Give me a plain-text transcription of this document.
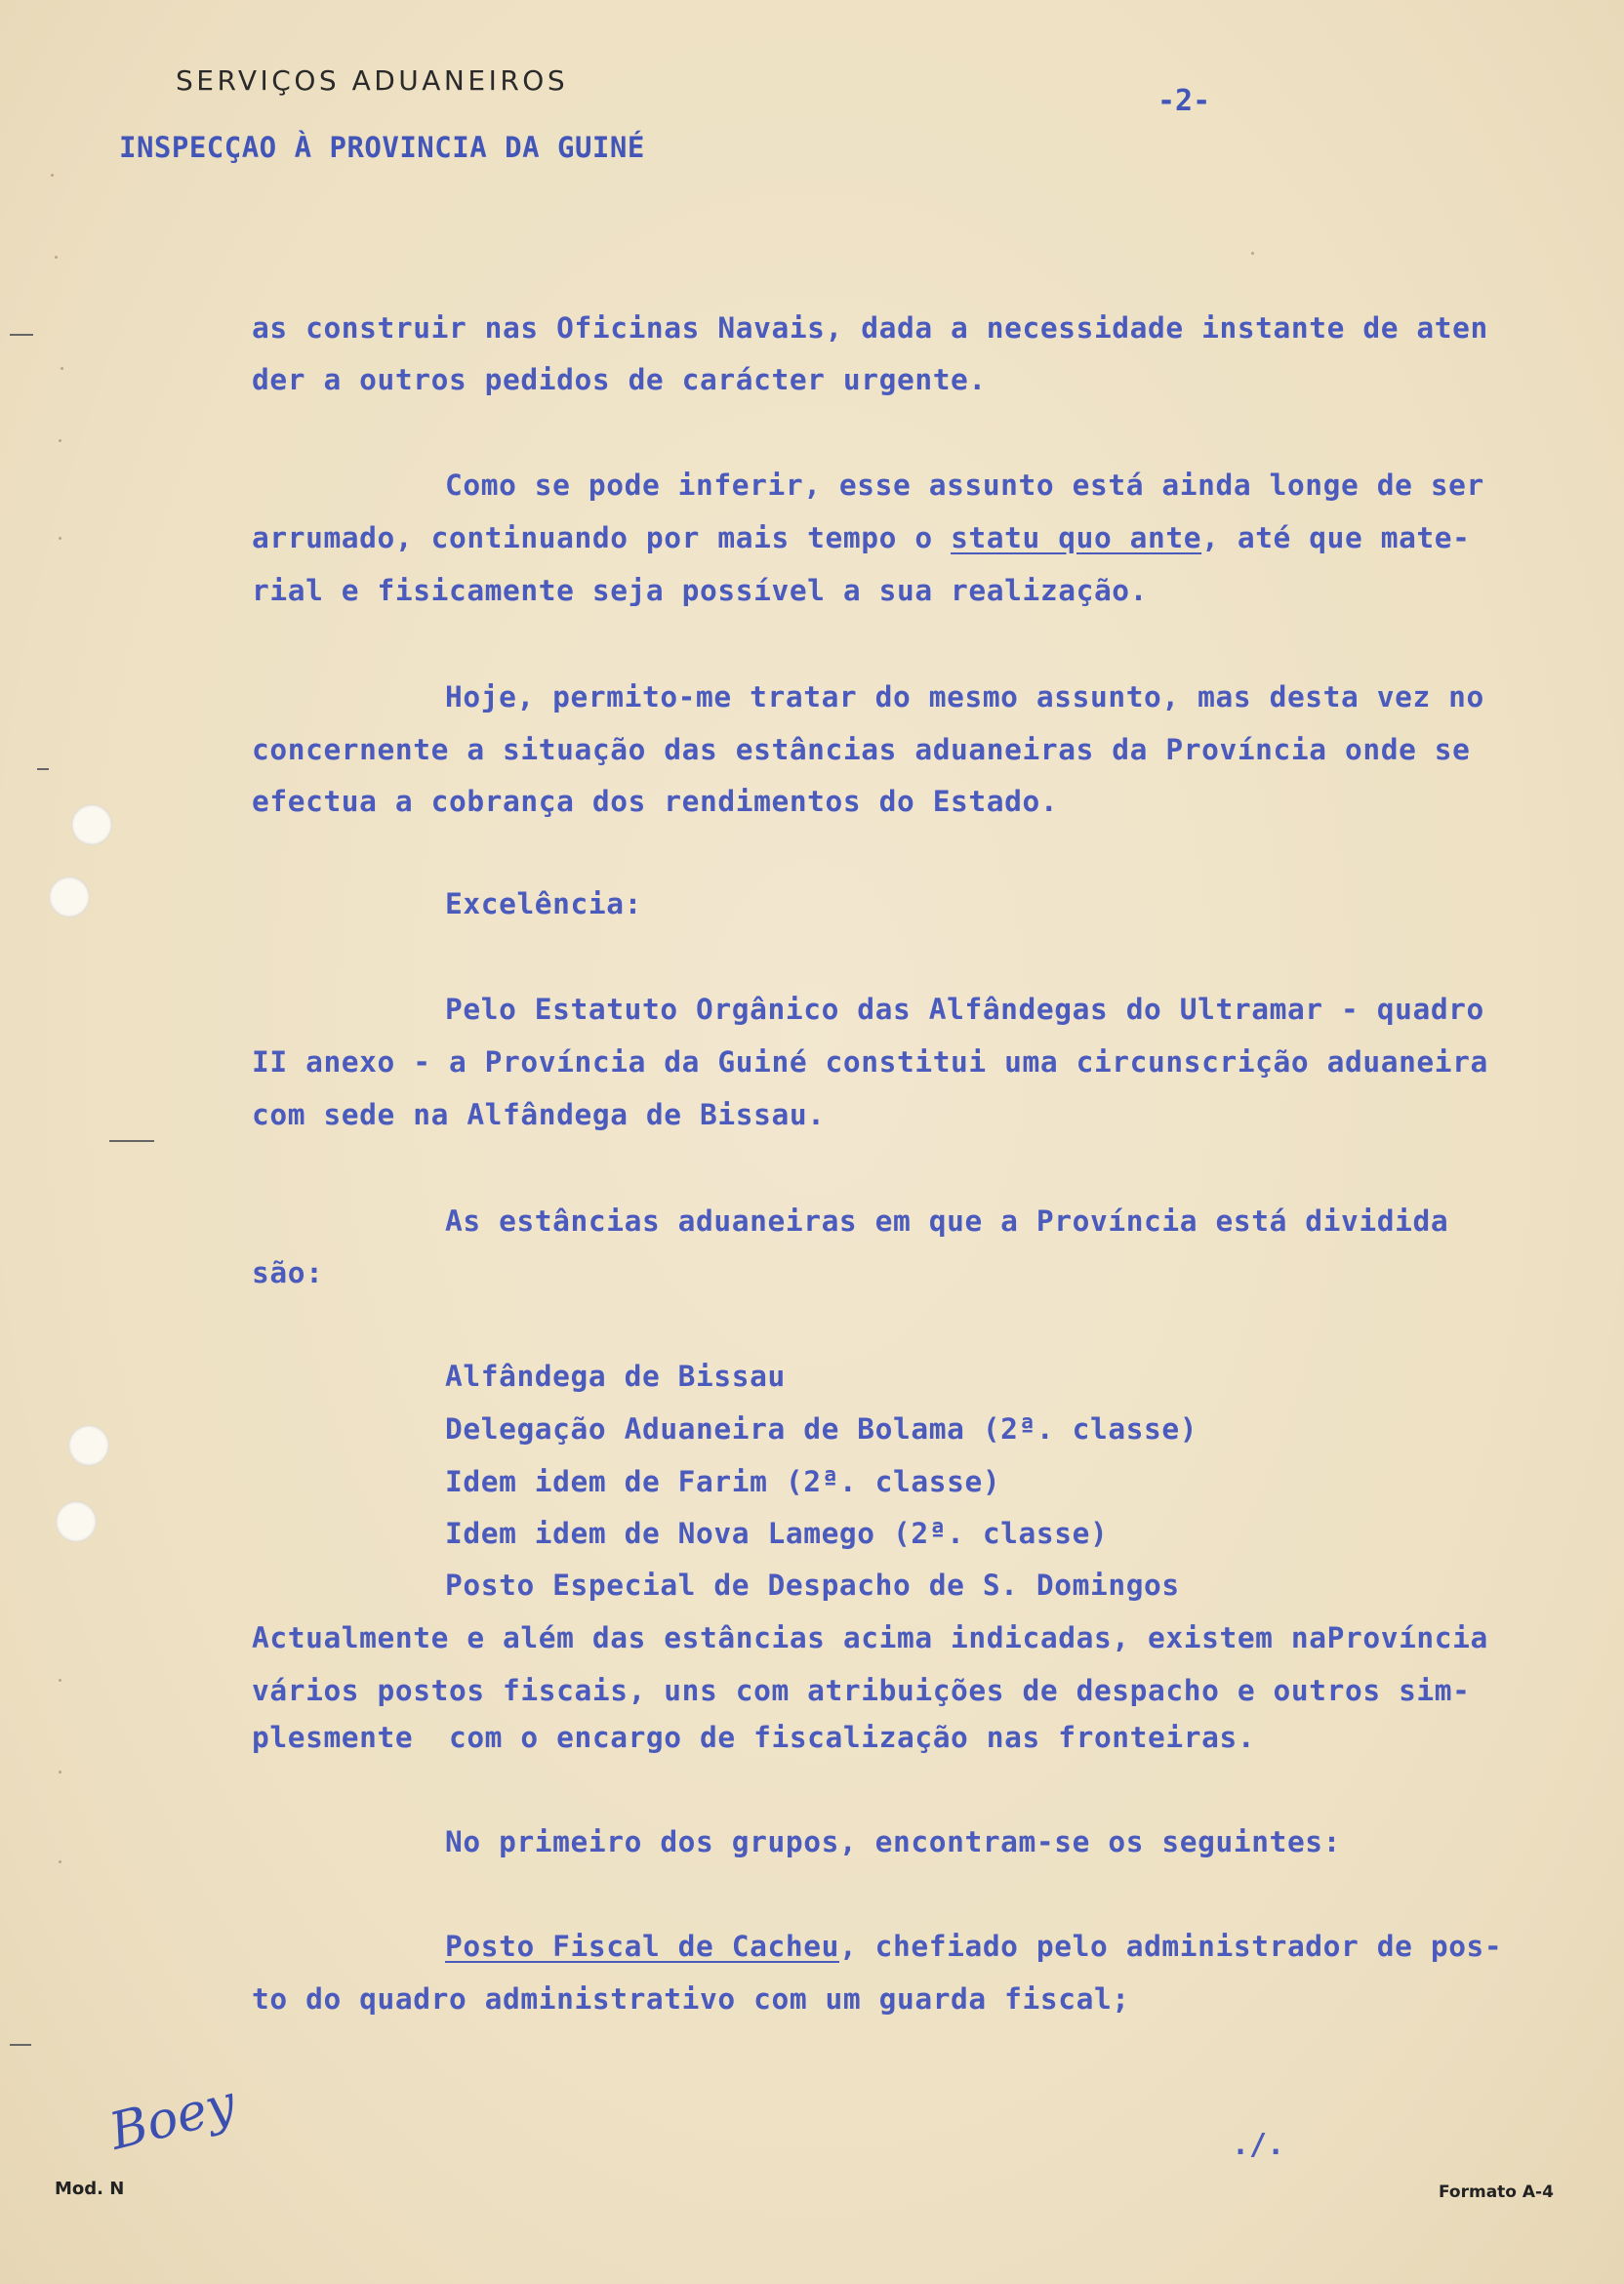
SERVIÇOS ADUANEIROS
-2-
INSPECÇAO À PROVINCIA DA GUINÉ
as construir nas Oficinas Navais, dada a necessidade instante de aten
der a outros pedidos de carácter urgente.
Como se pode inferir, esse assunto está ainda longe de ser
arrumado, continuando por mais tempo o statu quo ante, até que mate-
rial e fisicamente seja possível a sua realização.
Hoje, permito-me tratar do mesmo assunto, mas desta vez no
concernente a situação das estâncias aduaneiras da Província onde se
efectua a cobrança dos rendimentos do Estado.
Excelência:
Pelo Estatuto Orgânico das Alfândegas do Ultramar - quadro
II anexo - a Província da Guiné constitui uma circunscrição aduaneira
com sede na Alfândega de Bissau.
As estâncias aduaneiras em que a Província está dividida
são:
Alfândega de Bissau
Delegação Aduaneira de Bolama (2ª. classe)
Idem idem de Farim (2ª. classe)
Idem idem de Nova Lamego (2ª. classe)
Posto Especial de Despacho de S. Domingos
Actualmente e além das estâncias acima indicadas, existem naProvíncia
vários postos fiscais, uns com atribuições de despacho e outros sim-
plesmente  com o encargo de fiscalização nas fronteiras.
No primeiro dos grupos, encontram-se os seguintes:
Posto Fiscal de Cacheu, chefiado pelo administrador de pos-
to do quadro administrativo com um guarda fiscal;
Boey	./.
Mod. N	Formato A-4
